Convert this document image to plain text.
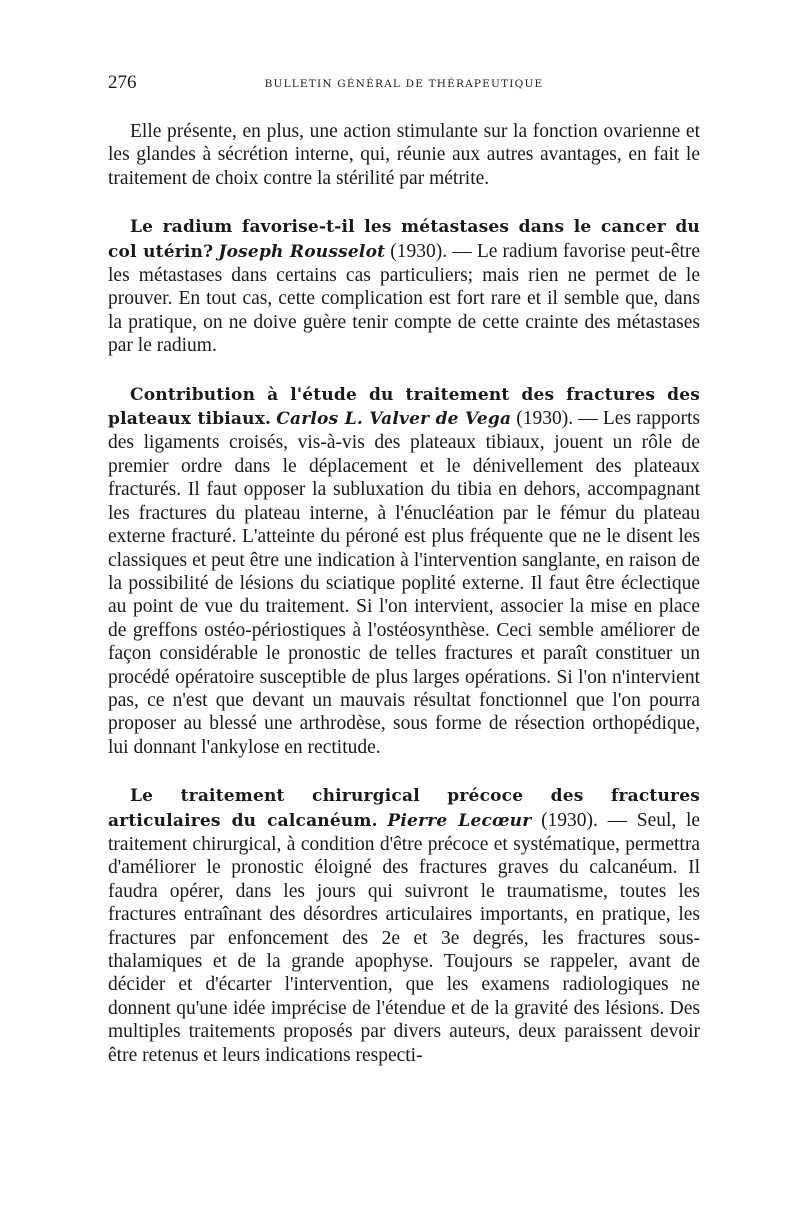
276	BULLETIN GÉNÉRAL DE THÉRAPEUTIQUE

Elle présente, en plus, une action stimulante sur la fonction ovarienne et les glandes à sécrétion interne, qui, réunie aux autres avantages, en fait le traitement de choix contre la stérilité par métrite.

Le radium favorise-t-il les métastases dans le cancer du col utérin? Joseph Rousselot (1930). — Le radium favorise peut-être les métastases dans certains cas particuliers; mais rien ne permet de le prouver. En tout cas, cette complication est fort rare et il semble que, dans la pratique, on ne doive guère tenir compte de cette crainte des métastases par le radium.

Contribution à l'étude du traitement des fractures des plateaux tibiaux. Carlos L. Valver de Vega (1930). — Les rapports des ligaments croisés, vis-à-vis des plateaux tibiaux, jouent un rôle de premier ordre dans le déplacement et le dénivellement des plateaux fracturés. Il faut opposer la subluxation du tibia en dehors, accompagnant les fractures du plateau interne, à l'énucléation par le fémur du plateau externe fracturé. L'atteinte du péroné est plus fréquente que ne le disent les classiques et peut être une indication à l'intervention sanglante, en raison de la possibilité de lésions du sciatique poplité externe. Il faut être éclectique au point de vue du traitement. Si l'on intervient, associer la mise en place de greffons ostéo-périostiques à l'ostéosynthèse. Ceci semble améliorer de façon considérable le pronostic de telles fractures et paraît constituer un procédé opératoire susceptible de plus larges opérations. Si l'on n'intervient pas, ce n'est que devant un mauvais résultat fonctionnel que l'on pourra proposer au blessé une arthrodèse, sous forme de résection orthopédique, lui donnant l'ankylose en rectitude.

Le traitement chirurgical précoce des fractures articulaires du calcanéum. Pierre Lecœur (1930). — Seul, le traitement chirurgical, à condition d'être précoce et systématique, permettra d'améliorer le pronostic éloigné des fractures graves du calcanéum. Il faudra opérer, dans les jours qui suivront le traumatisme, toutes les fractures entraînant des désordres articulaires importants, en pratique, les fractures par enfoncement des 2e et 3e degrés, les fractures sous-thalamiques et de la grande apophyse. Toujours se rappeler, avant de décider et d'écarter l'intervention, que les examens radiologiques ne donnent qu'une idée imprécise de l'étendue et de la gravité des lésions. Des multiples traitements proposés par divers auteurs, deux paraissent devoir être retenus et leurs indications respecti-
